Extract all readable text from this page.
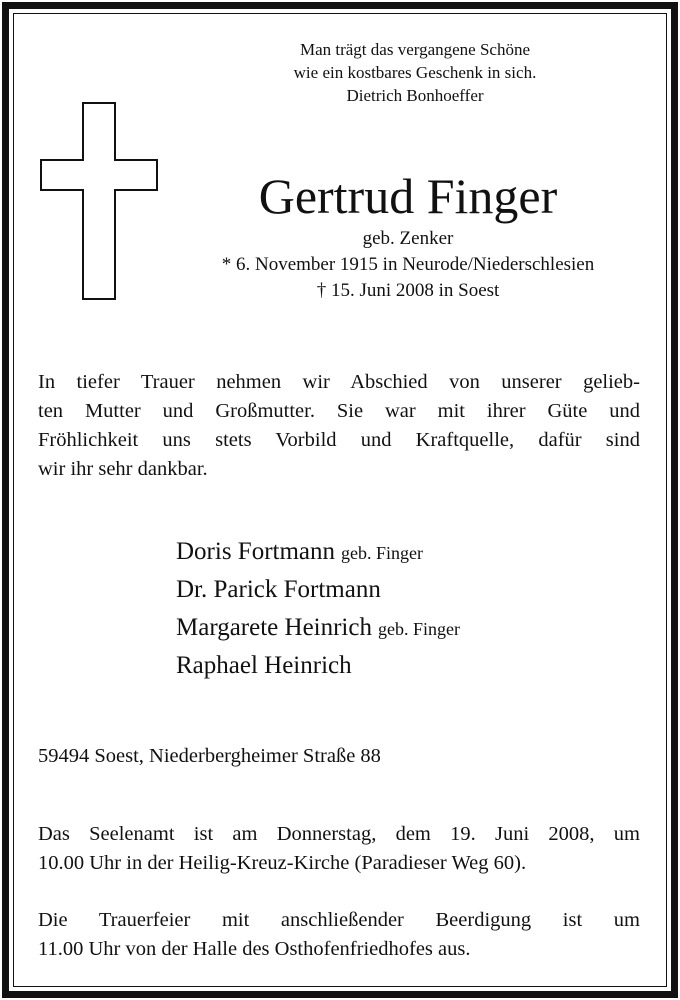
Man trägt das vergangene Schöne
wie ein kostbares Geschenk in sich.
Dietrich Bonhoeffer
Gertrud Finger
geb. Zenker
* 6. November 1915 in Neurode/Niederschlesien
† 15. Juni 2008 in Soest
In tiefer Trauer nehmen wir Abschied von unserer gelieb-
ten Mutter und Großmutter. Sie war mit ihrer Güte und
Fröhlichkeit uns stets Vorbild und Kraftquelle, dafür sind
wir ihr sehr dankbar.
Doris Fortmann geb. Finger
Dr. Parick Fortmann
Margarete Heinrich geb. Finger
Raphael Heinrich
59494 Soest, Niederbergheimer Straße 88
Das Seelenamt ist am Donnerstag, dem 19. Juni 2008, um
10.00 Uhr in der Heilig-Kreuz-Kirche (Paradieser Weg 60).
Die Trauerfeier mit anschließender Beerdigung ist um
11.00 Uhr von der Halle des Osthofenfriedhofes aus.
